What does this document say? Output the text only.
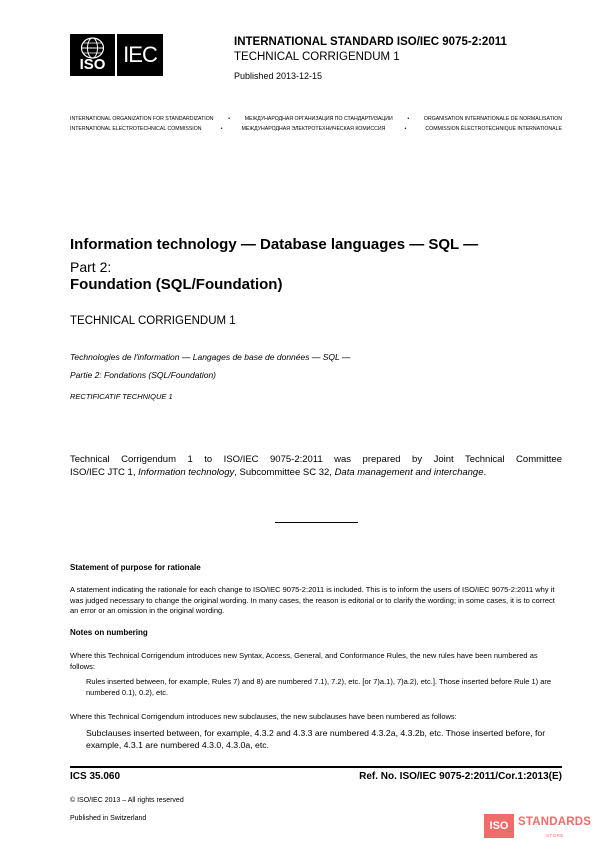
ISO IEC	INTERNATIONAL STANDARD ISO/IEC 9075-2:2011
TECHNICAL CORRIGENDUM 1
Published 2013-12-15
INTERNATIONAL ORGANIZATION FOR STANDARDIZATION	•	МЕЖДУНАРОДНАЯ ОРГАНИЗАЦИЯ ПО СТАНДАРТИЗАЦИИ	•	ORGANISATION INTERNATIONALE DE NORMALISATION
INTERNATIONAL ELECTROTECHNICAL COMMISSION	•	МЕЖДУНАРОДНАЯ ЭЛЕКТРОТЕХНИЧЕСКАЯ КОМИССИЯ	•	COMMISSION ÉLECTROTECHNIQUE INTERNATIONALE
Information technology — Database languages — SQL —
Part 2:
Foundation (SQL/Foundation)
TECHNICAL CORRIGENDUM 1
Technologies de l'information — Langages de base de données — SQL —
Partie 2: Fondations (SQL/Foundation)
RECTIFICATIF TECHNIQUE 1

Technical Corrigendum 1 to ISO/IEC 9075-2:2011 was prepared by Joint Technical Committee

ISO/IEC JTC 1, Information technology, Subcommittee SC 32, Data management and interchange.

Statement of purpose for rationale
A statement indicating the rationale for each change to ISO/IEC 9075-2:2011 is included. This is to inform the users of ISO/IEC 9075-2:2011 why it was judged necessary to change the original wording. In many cases, the reason is editorial or to clarify the wording; in some cases, it is to correct an error or an omission in the original wording.
Notes on numbering
Where this Technical Corrigendum introduces new Syntax, Access, General, and Conformance Rules, the new rules have been numbered as follows:
Rules inserted between, for example, Rules 7) and 8) are numbered 7.1), 7.2), etc. [or 7)a.1), 7)a.2), etc.]. Those inserted before Rule 1) are numbered 0.1), 0.2), etc.
Where this Technical Corrigendum introduces new subclauses, the new subclauses have been numbered as follows:
Subclauses inserted between, for example, 4.3.2 and 4.3.3 are numbered 4.3.2a, 4.3.2b, etc. Those inserted before, for example, 4.3.1 are numbered 4.3.0, 4.3.0a, etc.
ICS 35.060	Ref. No. ISO/IEC 9075-2:2011/Cor.1:2013(E)
© ISO/IEC 2013 – All rights reserved
Published in Switzerland
ISO STANDARDS
STORE
